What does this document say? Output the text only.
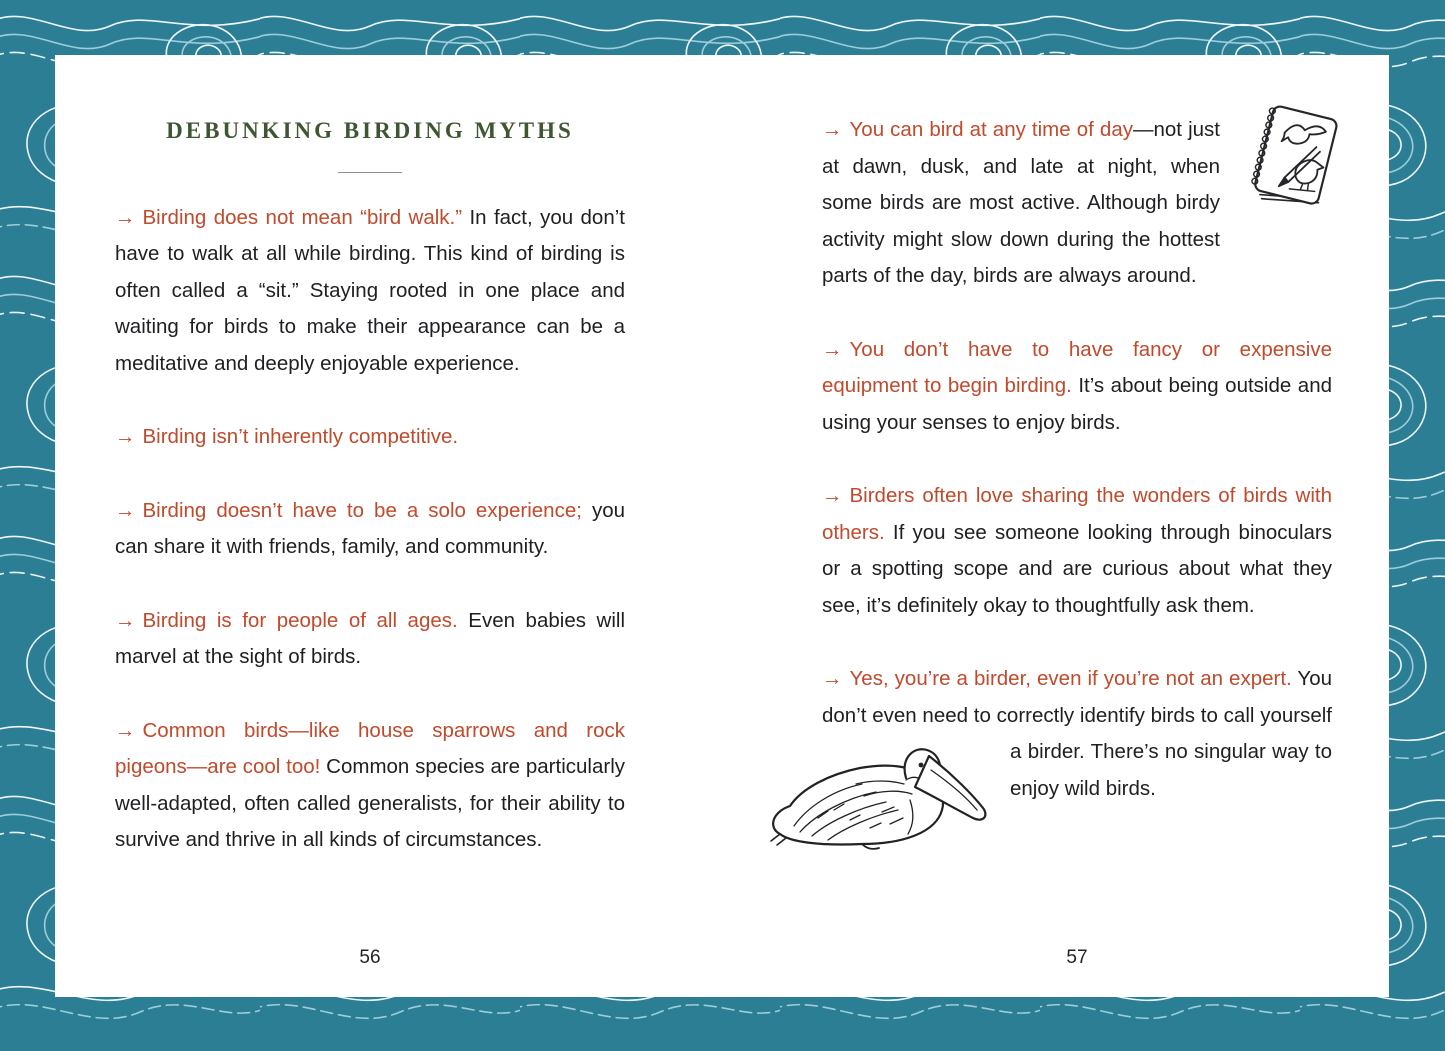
DEBUNKING BIRDING MYTHS

→ Birding does not mean “bird walk.” In fact, you don’t have to walk at all while birding. This kind of birding is often called a “sit.” Staying rooted in one place and waiting for birds to make their appearance can be a meditative and deeply enjoyable experience.

→ Birding isn’t inherently competitive.

→ Birding doesn’t have to be a solo experience; you can share it with friends, family, and community.

→ Birding is for people of all ages. Even babies will marvel at the sight of birds.

→ Common birds—like house sparrows and rock pigeons—are cool too! Common species are particularly well-adapted, often called generalists, for their ability to survive and thrive in all kinds of circumstances.

→ You can bird at any time of day—not just at dawn, dusk, and late at night, when some birds are most active. Although birdy activity might slow down during the hottest parts of the day, birds are always around.

→ You don’t have to have fancy or expensive equipment to begin birding. It’s about being outside and using your senses to enjoy birds.

→ Birders often love sharing the wonders of birds with others. If you see someone looking through binoculars or a spotting scope and are curious about what they see, it’s definitely okay to thoughtfully ask them.

→ Yes, you’re a birder, even if you’re not an expert. You don’t even need to correctly identify birds to call yourself a birder. There’s no singular way to enjoy wild birds.

56	57
